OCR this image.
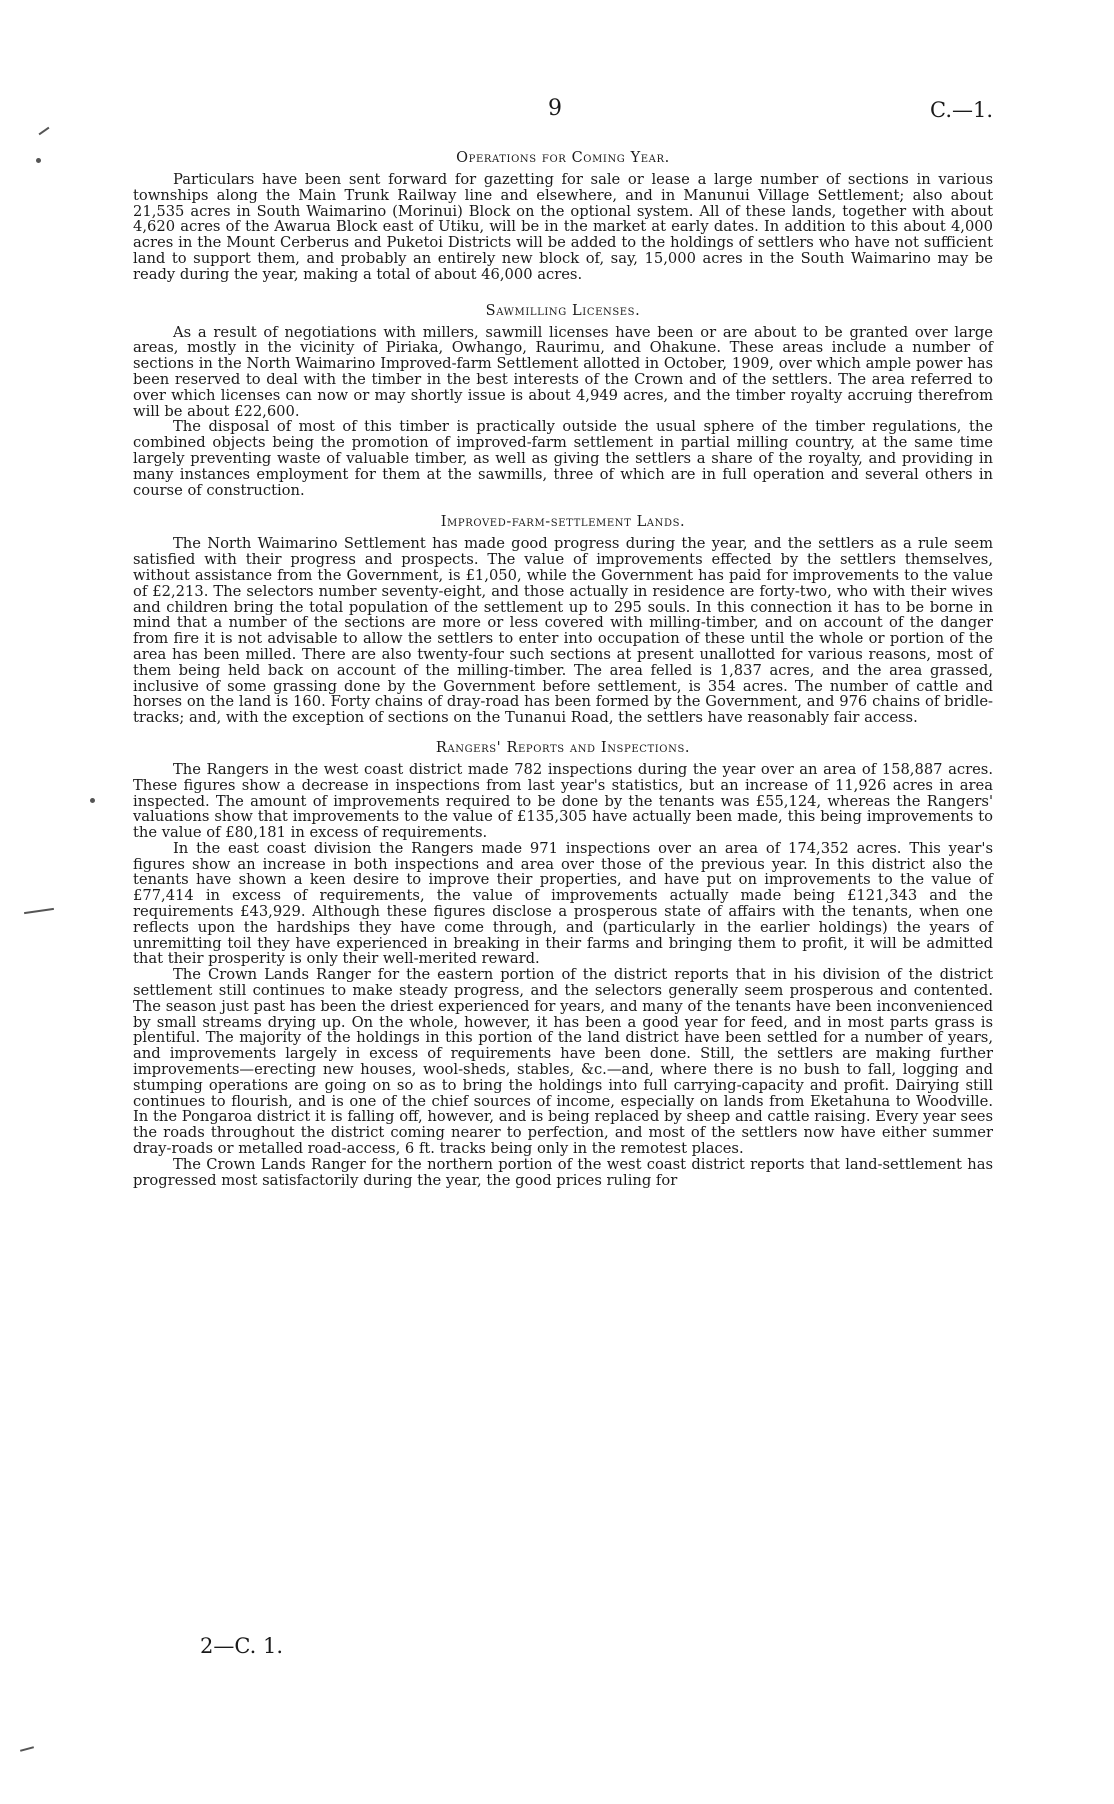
9	C.—1.
Operations for Coming Year.

Particulars have been sent forward for gazetting for sale or lease a large number of sections in various townships along the Main Trunk Railway line and elsewhere, and in Manunui Village Settlement; also about 21,535 acres in South Waimarino (Morinui) Block on the optional system. All of these lands, together with about 4,620 acres of the Awarua Block east of Utiku, will be in the market at early dates. In addition to this about 4,000 acres in the Mount Cerberus and Puketoi Districts will be added to the holdings of settlers who have not sufficient land to support them, and probably an entirely new block of, say, 15,000 acres in the South Waimarino may be ready during the year, making a total of about 46,000 acres.

Sawmilling Licenses.

As a result of negotiations with millers, sawmill licenses have been or are about to be granted over large areas, mostly in the vicinity of Piriaka, Owhango, Raurimu, and Ohakune. These areas include a number of sections in the North Waimarino Improved-farm Settlement allotted in October, 1909, over which ample power has been reserved to deal with the timber in the best interests of the Crown and of the settlers. The area referred to over which licenses can now or may shortly issue is about 4,949 acres, and the timber royalty accruing therefrom will be about £22,600.

The disposal of most of this timber is practically outside the usual sphere of the timber regulations, the combined objects being the promotion of improved-farm settlement in partial milling country, at the same time largely preventing waste of valuable timber, as well as giving the settlers a share of the royalty, and providing in many instances employment for them at the sawmills, three of which are in full operation and several others in course of construction.

Improved-farm-settlement Lands.

The North Waimarino Settlement has made good progress during the year, and the settlers as a rule seem satisfied with their progress and prospects. The value of improvements effected by the settlers themselves, without assistance from the Government, is £1,050, while the Government has paid for improvements to the value of £2,213. The selectors number seventy-eight, and those actually in residence are forty-two, who with their wives and children bring the total population of the settlement up to 295 souls. In this connection it has to be borne in mind that a number of the sections are more or less covered with milling-timber, and on account of the danger from fire it is not advisable to allow the settlers to enter into occupation of these until the whole or portion of the area has been milled. There are also twenty-four such sections at present unallotted for various reasons, most of them being held back on account of the milling-timber. The area felled is 1,837 acres, and the area grassed, inclusive of some grassing done by the Government before settlement, is 354 acres. The number of cattle and horses on the land is 160. Forty chains of dray-road has been formed by the Government, and 976 chains of bridle-tracks; and, with the exception of sections on the Tunanui Road, the settlers have reasonably fair access.

Rangers' Reports and Inspections.

The Rangers in the west coast district made 782 inspections during the year over an area of 158,887 acres. These figures show a decrease in inspections from last year's statistics, but an increase of 11,926 acres in area inspected. The amount of improvements required to be done by the tenants was £55,124, whereas the Rangers' valuations show that improvements to the value of £135,305 have actually been made, this being improvements to the value of £80,181 in excess of requirements.

In the east coast division the Rangers made 971 inspections over an area of 174,352 acres. This year's figures show an increase in both inspections and area over those of the previous year. In this district also the tenants have shown a keen desire to improve their properties, and have put on improvements to the value of £77,414 in excess of requirements, the value of improvements actually made being £121,343 and the requirements £43,929. Although these figures disclose a prosperous state of affairs with the tenants, when one reflects upon the hardships they have come through, and (particularly in the earlier holdings) the years of unremitting toil they have experienced in breaking in their farms and bringing them to profit, it will be admitted that their prosperity is only their well-merited reward.

The Crown Lands Ranger for the eastern portion of the district reports that in his division of the district settlement still continues to make steady progress, and the selectors generally seem prosperous and contented. The season just past has been the driest experienced for years, and many of the tenants have been inconvenienced by small streams drying up. On the whole, however, it has been a good year for feed, and in most parts grass is plentiful. The majority of the holdings in this portion of the land district have been settled for a number of years, and improvements largely in excess of requirements have been done. Still, the settlers are making further improvements—erecting new houses, wool-sheds, stables, &c.—and, where there is no bush to fall, logging and stumping operations are going on so as to bring the holdings into full carrying-capacity and profit. Dairying still continues to flourish, and is one of the chief sources of income, especially on lands from Eketahuna to Woodville. In the Pongaroa district it is falling off, however, and is being replaced by sheep and cattle raising. Every year sees the roads throughout the district coming nearer to perfection, and most of the settlers now have either summer dray-roads or metalled road-access, 6 ft. tracks being only in the remotest places.

The Crown Lands Ranger for the northern portion of the west coast district reports that land-settlement has progressed most satisfactorily during the year, the good prices ruling for

2—C. 1.
